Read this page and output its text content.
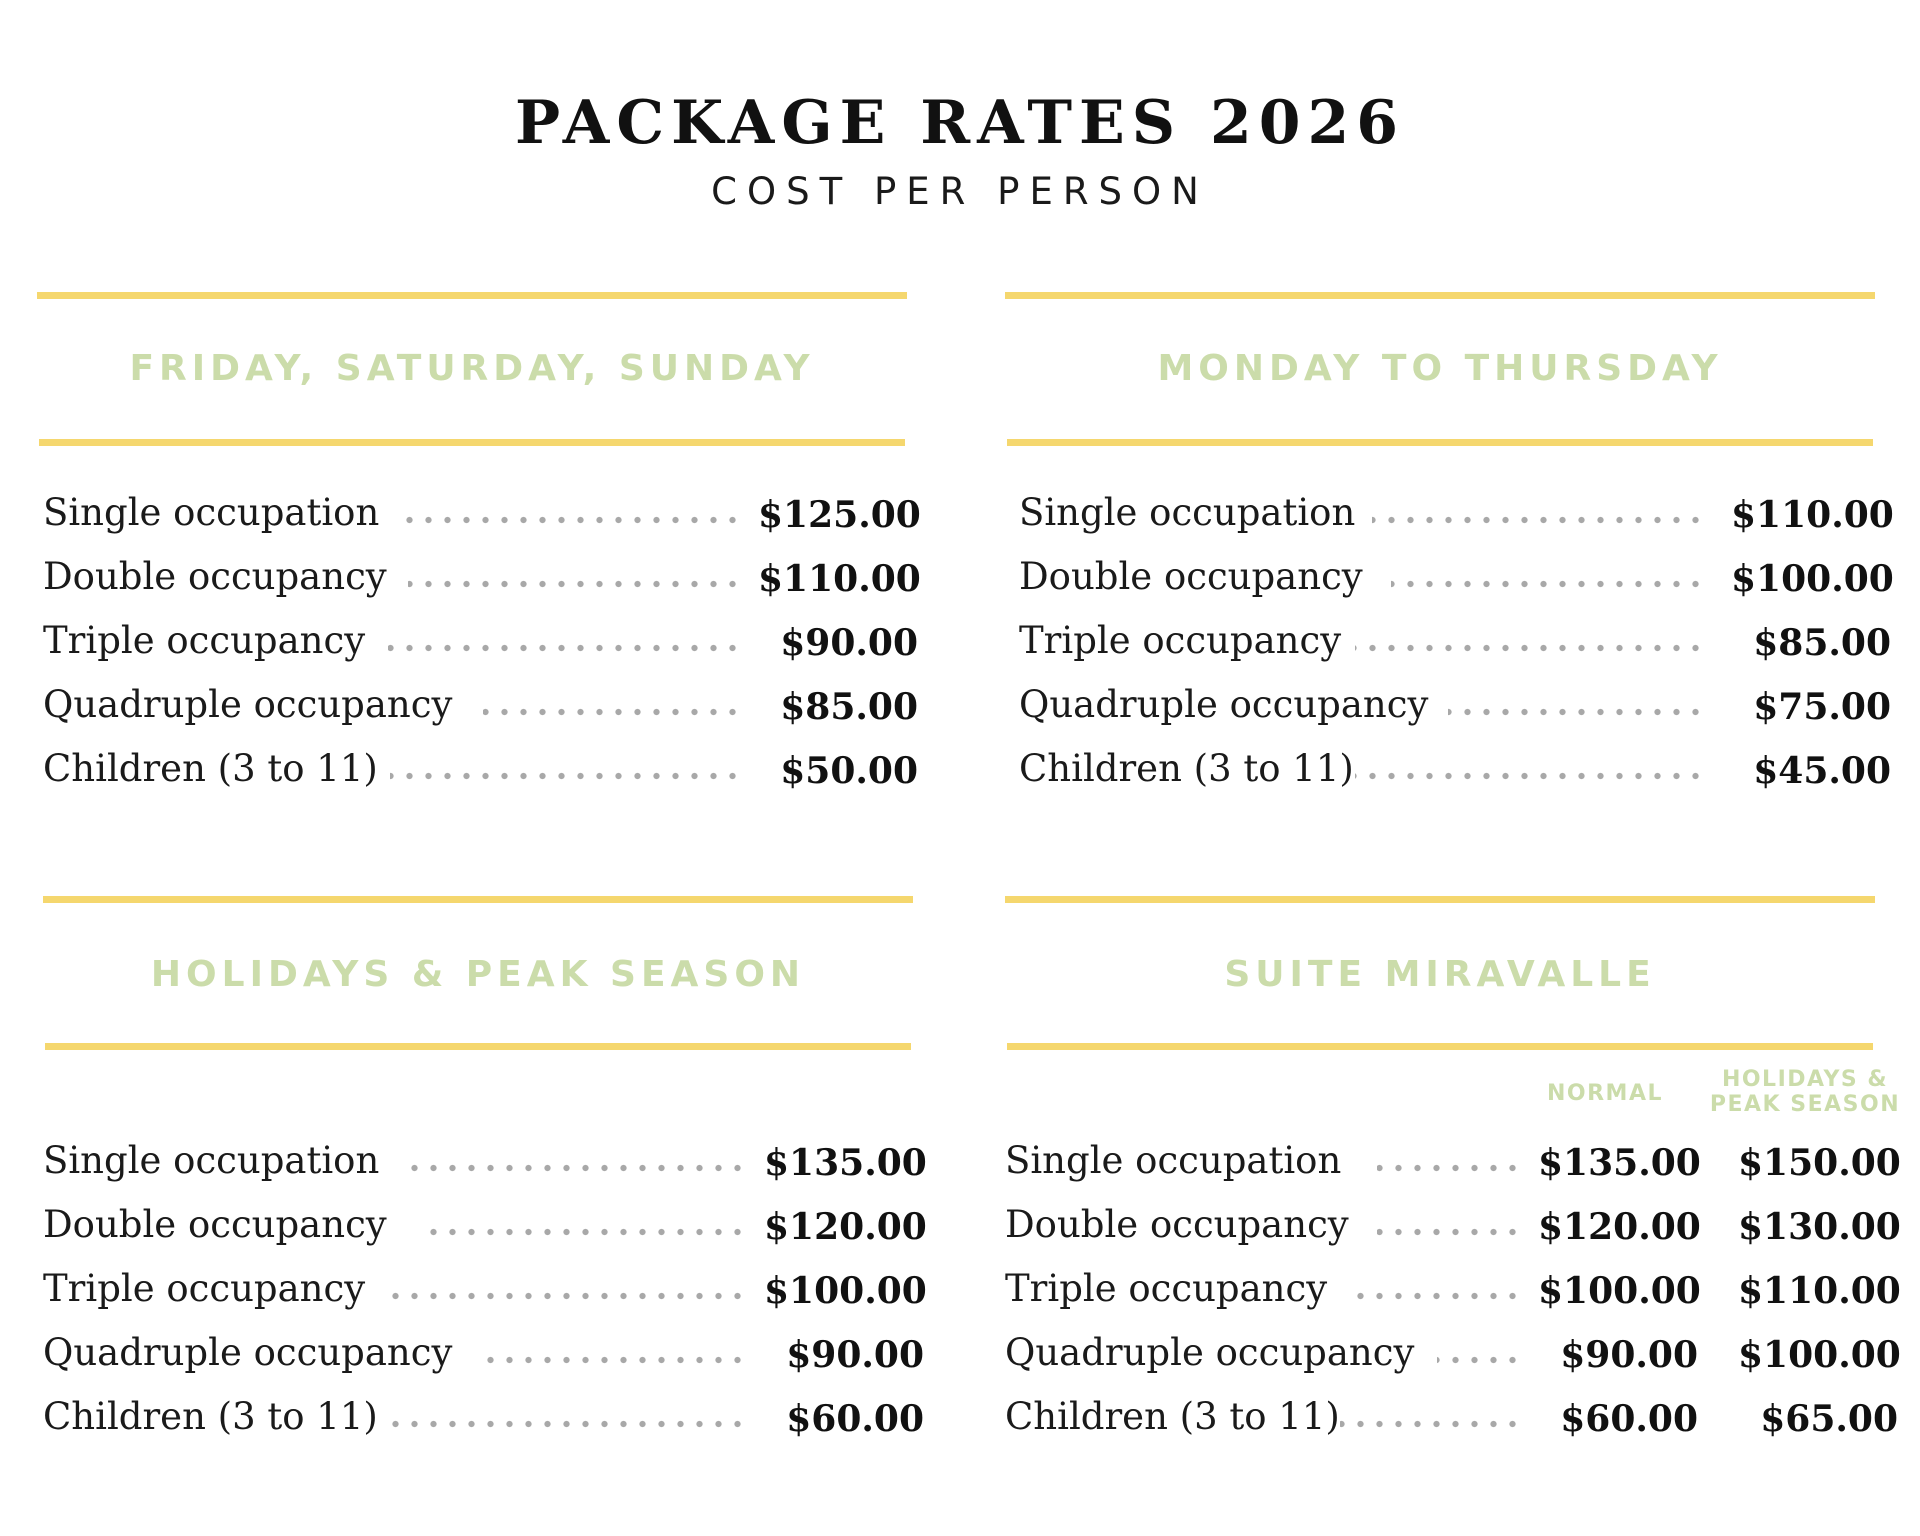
PACKAGE RATES 2026
COST PER PERSON
FRIDAY, SATURDAY, SUNDAY
Single occupation	$125.00
Double occupancy	$110.00
Triple occupancy	$90.00
Quadruple occupancy	$85.00
Children (3 to 11)	$50.00
MONDAY TO THURSDAY
Single occupation	$110.00
Double occupancy	$100.00
Triple occupancy	$85.00
Quadruple occupancy	$75.00
Children (3 to 11)	$45.00
HOLIDAYS & PEAK SEASON
Single occupation	$135.00
Double occupancy	$120.00
Triple occupancy	$100.00
Quadruple occupancy	$90.00
Children (3 to 11)	$60.00
SUITE MIRAVALLE
NORMAL
HOLIDAYS &
PEAK SEASON
Single occupation	$135.00 $150.00
Double occupancy	$120.00 $130.00
Triple occupancy	$100.00 $110.00
Quadruple occupancy	$90.00 $100.00
Children (3 to 11)	$60.00	$65.00
